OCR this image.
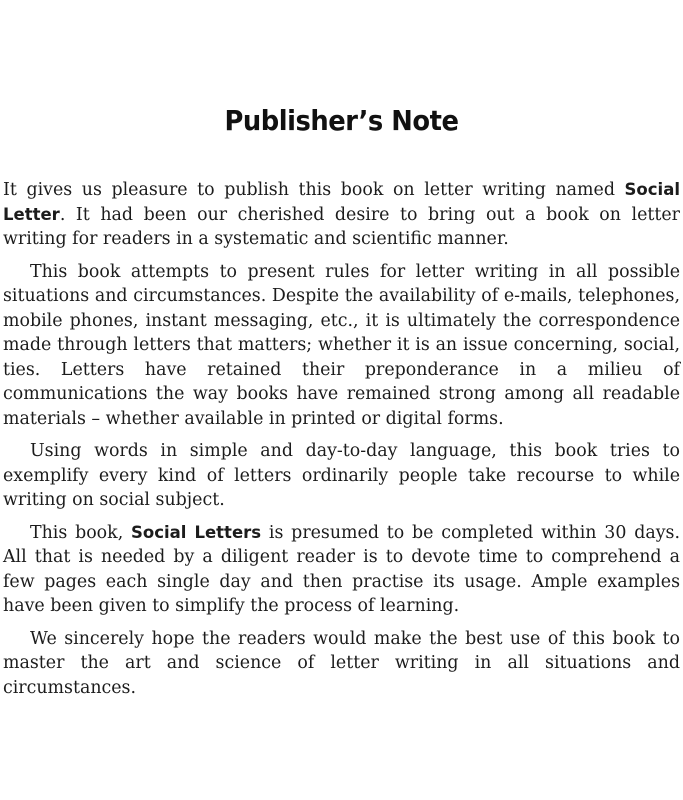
Publisher’s Note

It gives us pleasure to publish this book on letter writing named Social Letter. It had been our cherished desire to bring out a book on letter writing for readers in a systematic and scientific manner.

This book attempts to present rules for letter writing in all possible situations and circumstances. Despite the availability of e-mails, telephones, mobile phones, instant messaging, etc., it is ultimately the correspondence made through letters that matters; whether it is an issue concerning, social, ties. Letters have retained their preponderance in a milieu of communications the way books have remained strong among all readable materials – whether available in printed or digital forms.

Using words in simple and day-to-day language, this book tries to exemplify every kind of letters ordinarily people take recourse to while writing on social subject.

This book, Social Letters is presumed to be completed within 30 days. All that is needed by a diligent reader is to devote time to comprehend a few pages each single day and then practise its usage. Ample examples have been given to simplify the process of learning.

We sincerely hope the readers would make the best use of this book to master the art and science of letter writing in all situations and circumstances.
